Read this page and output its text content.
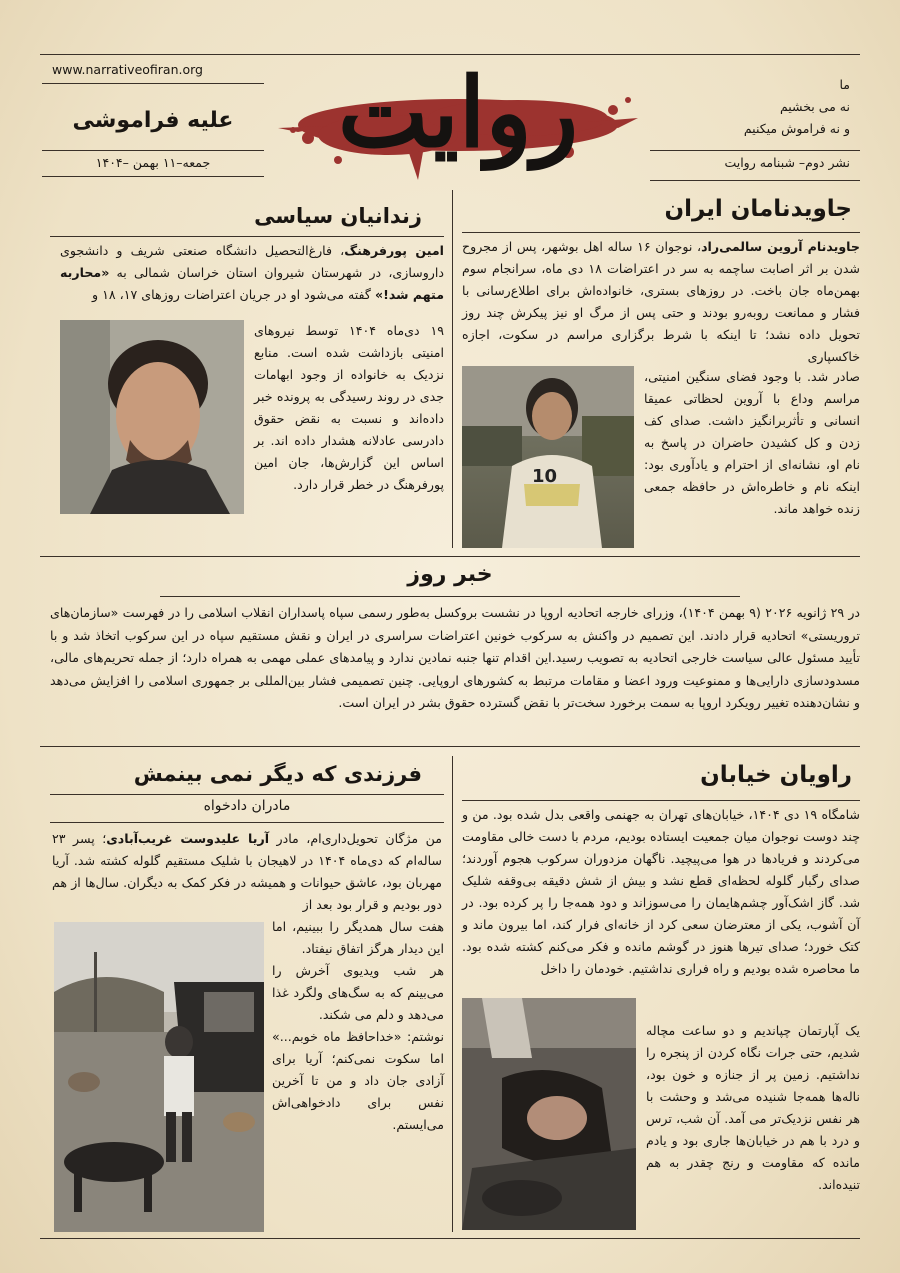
www.narrativeofiran.org
علیه فراموشی
جمعه–۱۱ بهمن –۱۴۰۴	روایت	ما
نه می بخشیم
و نه فراموش میکنیم
نشر دوم– شبنامه روایت
جاویدنامان ایران
جاویدنام آروین سالمی‌راد، نوجوان ۱۶ ساله اهل بوشهر، پس از مجروح شدن بر اثر اصابت ساچمه به سر در اعتراضات ۱۸ دی ماه، سرانجام سوم بهمن‌ماه جان باخت. در روزهای بستری، خانواده‌اش برای اطلاع‌رسانی با فشار و ممانعت روبه‌رو بودند و حتی پس از مرگ او نیز پیکرش چند روز تحویل داده نشد؛ تا اینکه با شرط برگزاری مراسم در سکوت، اجازه خاکسپاری
10
صادر شد. با وجود فضای سنگین امنیتی، مراسم وداع با آروین لحظاتی عمیقا انسانی و تأثربرانگیز داشت. صدای کف زدن و کل کشیدن حاضران در پاسخ به نام او، نشانه‌ای از احترام و یادآوری بود: اینکه نام و خاطره‌اش در حافظه جمعی زنده خواهد ماند.
زندانیان سیاسی
امین پورفرهنگ، فارغ‌التحصیل دانشگاه صنعتی شریف و دانشجوی داروسازی، در شهرستان شیروان استان خراسان شمالی به «محاربه متهم شد!» گفته می‌شود او در جریان اعتراضات روزهای ۱۷، ۱۸ و
۱۹ دی‌ماه ۱۴۰۴ توسط نیروهای امنیتی بازداشت شده است. منابع نزدیک به خانواده از وجود ابهامات جدی در روند رسیدگی به پرونده خبر داده‌اند و نسبت به نقض حقوق دادرسی عادلانه هشدار داده اند. بر اساس این گزارش‌ها، جان امین پورفرهنگ در خطر قرار دارد.
خبر روز
در ۲۹ ژانویه ۲۰۲۶ (۹ بهمن ۱۴۰۴)، وزرای خارجه اتحادیه اروپا در نشست بروکسل به‌طور رسمی سپاه پاسداران انقلاب اسلامی را در فهرست «سازمان‌های تروریستی» اتحادیه قرار دادند. این تصمیم در واکنش به سرکوب خونین اعتراضات سراسری در ایران و نقش مستقیم سپاه در این سرکوب اتخاذ شد و با تأیید مسئول عالی سیاست خارجی اتحادیه به تصویب رسید.این اقدام تنها جنبه نمادین ندارد و پیامدهای عملی مهمی به همراه دارد؛ از جمله تحریم‌های مالی، مسدودسازی دارایی‌ها و ممنوعیت ورود اعضا و مقامات مرتبط به کشورهای اروپایی. چنین تصمیمی فشار بین‌المللی بر جمهوری اسلامی را افزایش می‌دهد و نشان‌دهنده تغییر رویکرد اروپا به سمت برخورد سخت‌تر با نقض گسترده حقوق بشر در ایران است.
راویان خیابان
شامگاه ۱۹ دی ۱۴۰۴، خیابان‌های تهران به جهنمی واقعی بدل شده بود. من و چند دوست نوجوان میان جمعیت ایستاده بودیم، مردم با دست خالی مقاومت می‌کردند و فریادها در هوا می‌پیچید. ناگهان مزدوران سرکوب هجوم آوردند؛ صدای رگبار گلوله لحظه‌ای قطع نشد و بیش از شش دقیقه بی‌وقفه شلیک شد. گاز اشک‌آور چشم‌هایمان را می‌سوزاند و دود همه‌جا را پر کرده بود. در آن آشوب، یکی از معترضان سعی کرد از خانه‌ای فرار کند، اما بیرون ماند و کتک خورد؛ صدای تیرها هنوز در گوشم مانده و فکر می‌کنم کشته شده بود. ما محاصره شده بودیم و راه فراری نداشتیم. خودمان را داخل
یک آپارتمان چپاندیم و دو ساعت مچاله شدیم، حتی جرات نگاه کردن از پنجره را نداشتیم. زمین پر از جنازه و خون بود، ناله‌ها همه‌جا شنیده می‌شد و وحشت با هر نفس نزدیک‌تر می آمد. آن شب، ترس و درد با هم در خیابان‌ها جاری بود و یادم مانده که مقاومت و رنج چقدر به هم تنیده‌اند.
فرزندی که دیگر نمی بینمش
مادران دادخواه
من مژگان تحویل‌داری‌ام، مادر آریا علیدوست غریب‌آبادی؛ پسر ۲۳ ساله‌ام که دی‌ماه ۱۴۰۴ در لاهیجان با شلیک مستقیم گلوله کشته شد. آریا مهربان بود، عاشق حیوانات و همیشه در فکر کمک به دیگران. سال‌ها از هم دور بودیم و قرار بود بعد از
هفت سال همدیگر را ببینیم، اما این دیدار هرگز اتفاق نیفتاد.
هر شب ویدیوی آخرش را می‌بینم که به سگ‌های ولگرد غذا می‌دهد و دلم می شکند.
نوشتم: «خداحافظ ماه خوبم...» اما سکوت نمی‌کنم؛ آریا برای آزادی جان داد و من تا آخرین نفس برای دادخواهی‌اش می‌ایستم.
